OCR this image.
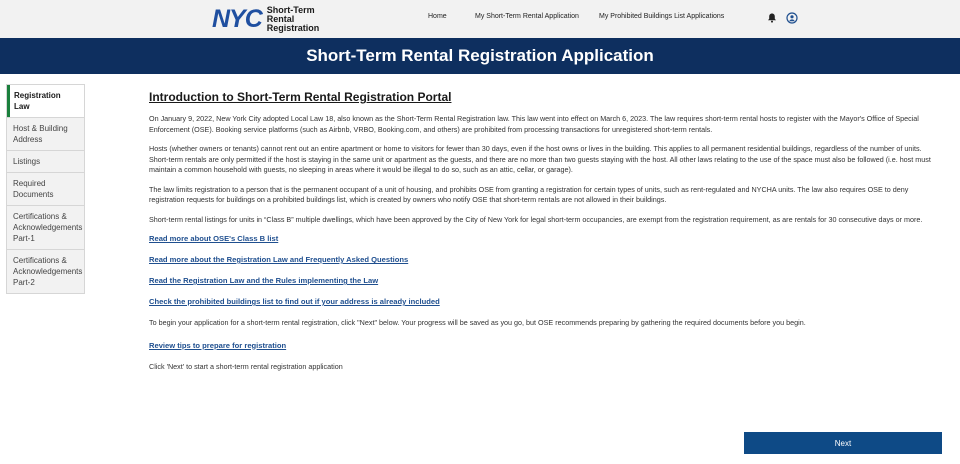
NYC Short-Term
Rental
Registration
Home	My Short-Term Rental Application	My Prohibited Buildings List Applications
Short-Term Rental Registration Application
Registration Law
Host & Building Address
Listings
Required Documents
Certifications & Acknowledgements Part-1
Certifications & Acknowledgements Part-2
Introduction to Short-Term Rental Registration Portal

On January 9, 2022, New York City adopted Local Law 18, also known as the Short-Term Rental Registration law. This law went into effect on March 6, 2023. The law requires short-term rental hosts to register with the Mayor's Office of Special Enforcement (OSE). Booking service platforms (such as Airbnb, VRBO, Booking.com, and others) are prohibited from processing transactions for unregistered short-term rentals.

Hosts (whether owners or tenants) cannot rent out an entire apartment or home to visitors for fewer than 30 days, even if the host owns or lives in the building. This applies to all permanent residential buildings, regardless of the number of units. Short-term rentals are only permitted if the host is staying in the same unit or apartment as the guests, and there are no more than two guests staying with the host. All other laws relating to the use of the space must also be followed (i.e. host must maintain a common household with guests, no sleeping in areas where it would be illegal to do so, such as an attic, cellar, or garage).

The law limits registration to a person that is the permanent occupant of a unit of housing, and prohibits OSE from granting a registration for certain types of units, such as rent-regulated and NYCHA units. The law also requires OSE to deny registration requests for buildings on a prohibited buildings list, which is created by owners who notify OSE that short-term rentals are not allowed in their buildings.

Short-term rental listings for units in “Class B” multiple dwellings, which have been approved by the City of New York for legal short-term occupancies, are exempt from the registration requirement, as are rentals for 30 consecutive days or more.

Read more about OSE's Class B list
Read more about the Registration Law and Frequently Asked Questions
Read the Registration Law and the Rules implementing the Law
Check the prohibited buildings list to find out if your address is already included

To begin your application for a short-term rental registration, click "Next" below. Your progress will be saved as you go, but OSE recommends preparing by gathering the required documents before you begin.

Review tips to prepare for registration

Click 'Next' to start a short-term rental registration application

Next
